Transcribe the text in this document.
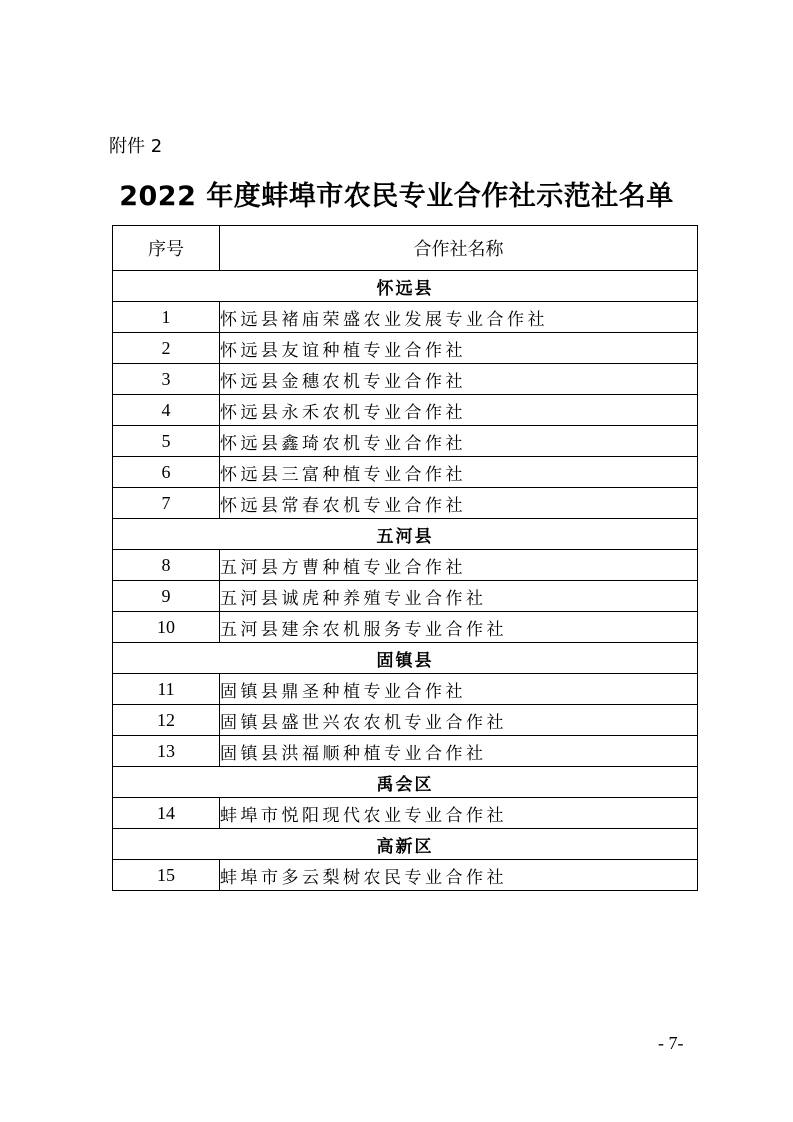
附件 2
2022 年度蚌埠市农民专业合作社示范社名单
序号	合作社名称
怀远县	
1	怀远县褚庙荣盛农业发展专业合作社
2	怀远县友谊种植专业合作社
3	怀远县金穗农机专业合作社
4	怀远县永禾农机专业合作社
5	怀远县鑫琦农机专业合作社
6	怀远县三富种植专业合作社
7	怀远县常春农机专业合作社
五河县	
8	五河县方曹种植专业合作社
9	五河县诚虎种养殖专业合作社
10	五河县建余农机服务专业合作社
固镇县	
11	固镇县鼎圣种植专业合作社
12	固镇县盛世兴农农机专业合作社
13	固镇县洪福顺种植专业合作社
禹会区	
14	蚌埠市悦阳现代农业专业合作社
高新区	
15	蚌埠市多云梨树农民专业合作社
- 7-
